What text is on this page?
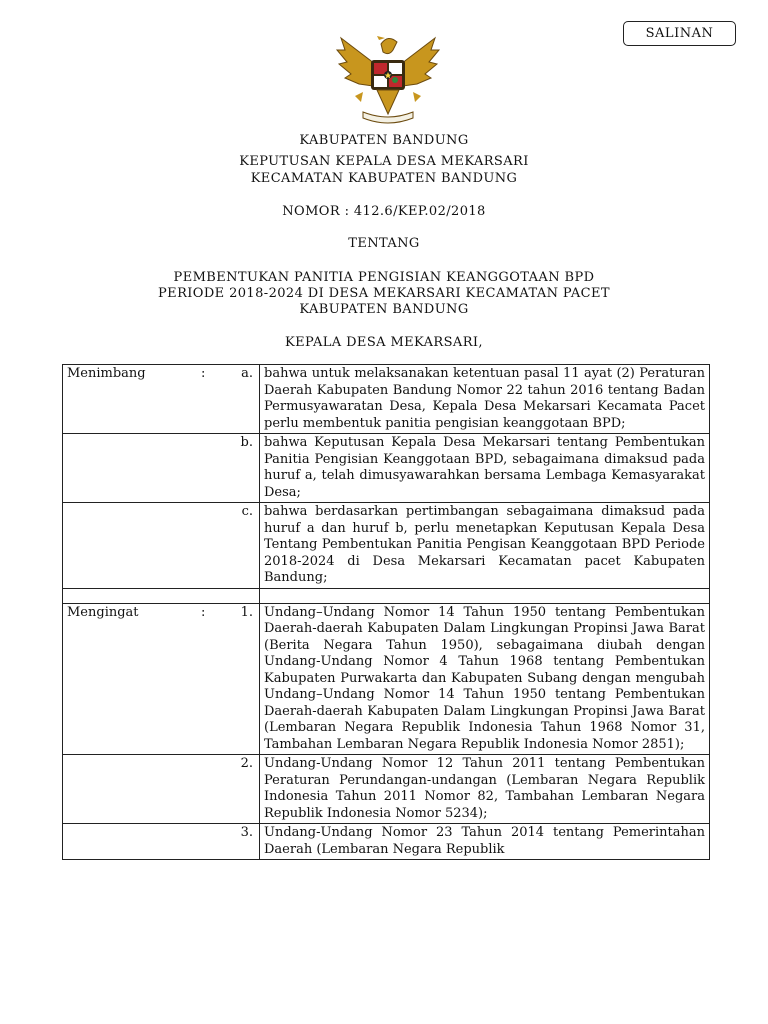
SALINAN
KABUPATEN BANDUNG
KEPUTUSAN KEPALA DESA MEKARSARI
KECAMATAN KABUPATEN BANDUNG
NOMOR : 412.6/KEP.02/2018
TENTANG
PEMBENTUKAN PANITIA PENGISIAN KEANGGOTAAN BPD
PERIODE 2018-2024 DI DESA MEKARSARI KECAMATAN PACET
KABUPATEN BANDUNG
KEPALA DESA MEKARSARI,
Menimbang	:	a.	bahwa untuk melaksanakan ketentuan pasal 11 ayat (2) Peraturan Daerah Kabupaten Bandung Nomor 22 tahun 2016 tentang Badan Permusyawaratan Desa, Kepala Desa Mekarsari Kecamata Pacet perlu membentuk panitia pengisian keanggotaan BPD;
		b.	bahwa Keputusan Kepala Desa Mekarsari tentang Pembentukan Panitia Pengisian Keanggotaan BPD, sebagaimana dimaksud pada huruf a, telah dimusyawarahkan bersama Lembaga Kemasyarakat Desa;
		c.	bahwa berdasarkan pertimbangan sebagaimana dimaksud pada huruf a dan huruf b, perlu menetapkan Keputusan Kepala Desa Tentang Pembentukan Panitia Pengisan Keanggotaan BPD Periode 2018-2024 di Desa Mekarsari Kecamatan pacet Kabupaten Bandung;

Mengingat	:	1.	Undang–Undang Nomor 14 Tahun 1950 tentang Pembentukan Daerah-daerah Kabupaten Dalam Lingkungan Propinsi Jawa Barat (Berita Negara Tahun 1950), sebagaimana diubah dengan Undang-Undang Nomor 4 Tahun 1968 tentang Pembentukan Kabupaten Purwakarta dan Kabupaten Subang dengan mengubah Undang–Undang Nomor 14 Tahun 1950 tentang Pembentukan Daerah-daerah Kabupaten Dalam Lingkungan Propinsi Jawa Barat (Lembaran Negara Republik Indonesia Tahun 1968 Nomor 31, Tambahan Lembaran Negara Republik Indonesia Nomor 2851);
		2.	Undang-Undang Nomor 12 Tahun 2011 tentang Pembentukan Peraturan Perundangan-undangan (Lembaran Negara Republik Indonesia Tahun 2011 Nomor 82, Tambahan Lembaran Negara Republik Indonesia Nomor 5234);
		3.	Undang-Undang Nomor 23 Tahun 2014 tentang Pemerintahan Daerah (Lembaran Negara Republik
